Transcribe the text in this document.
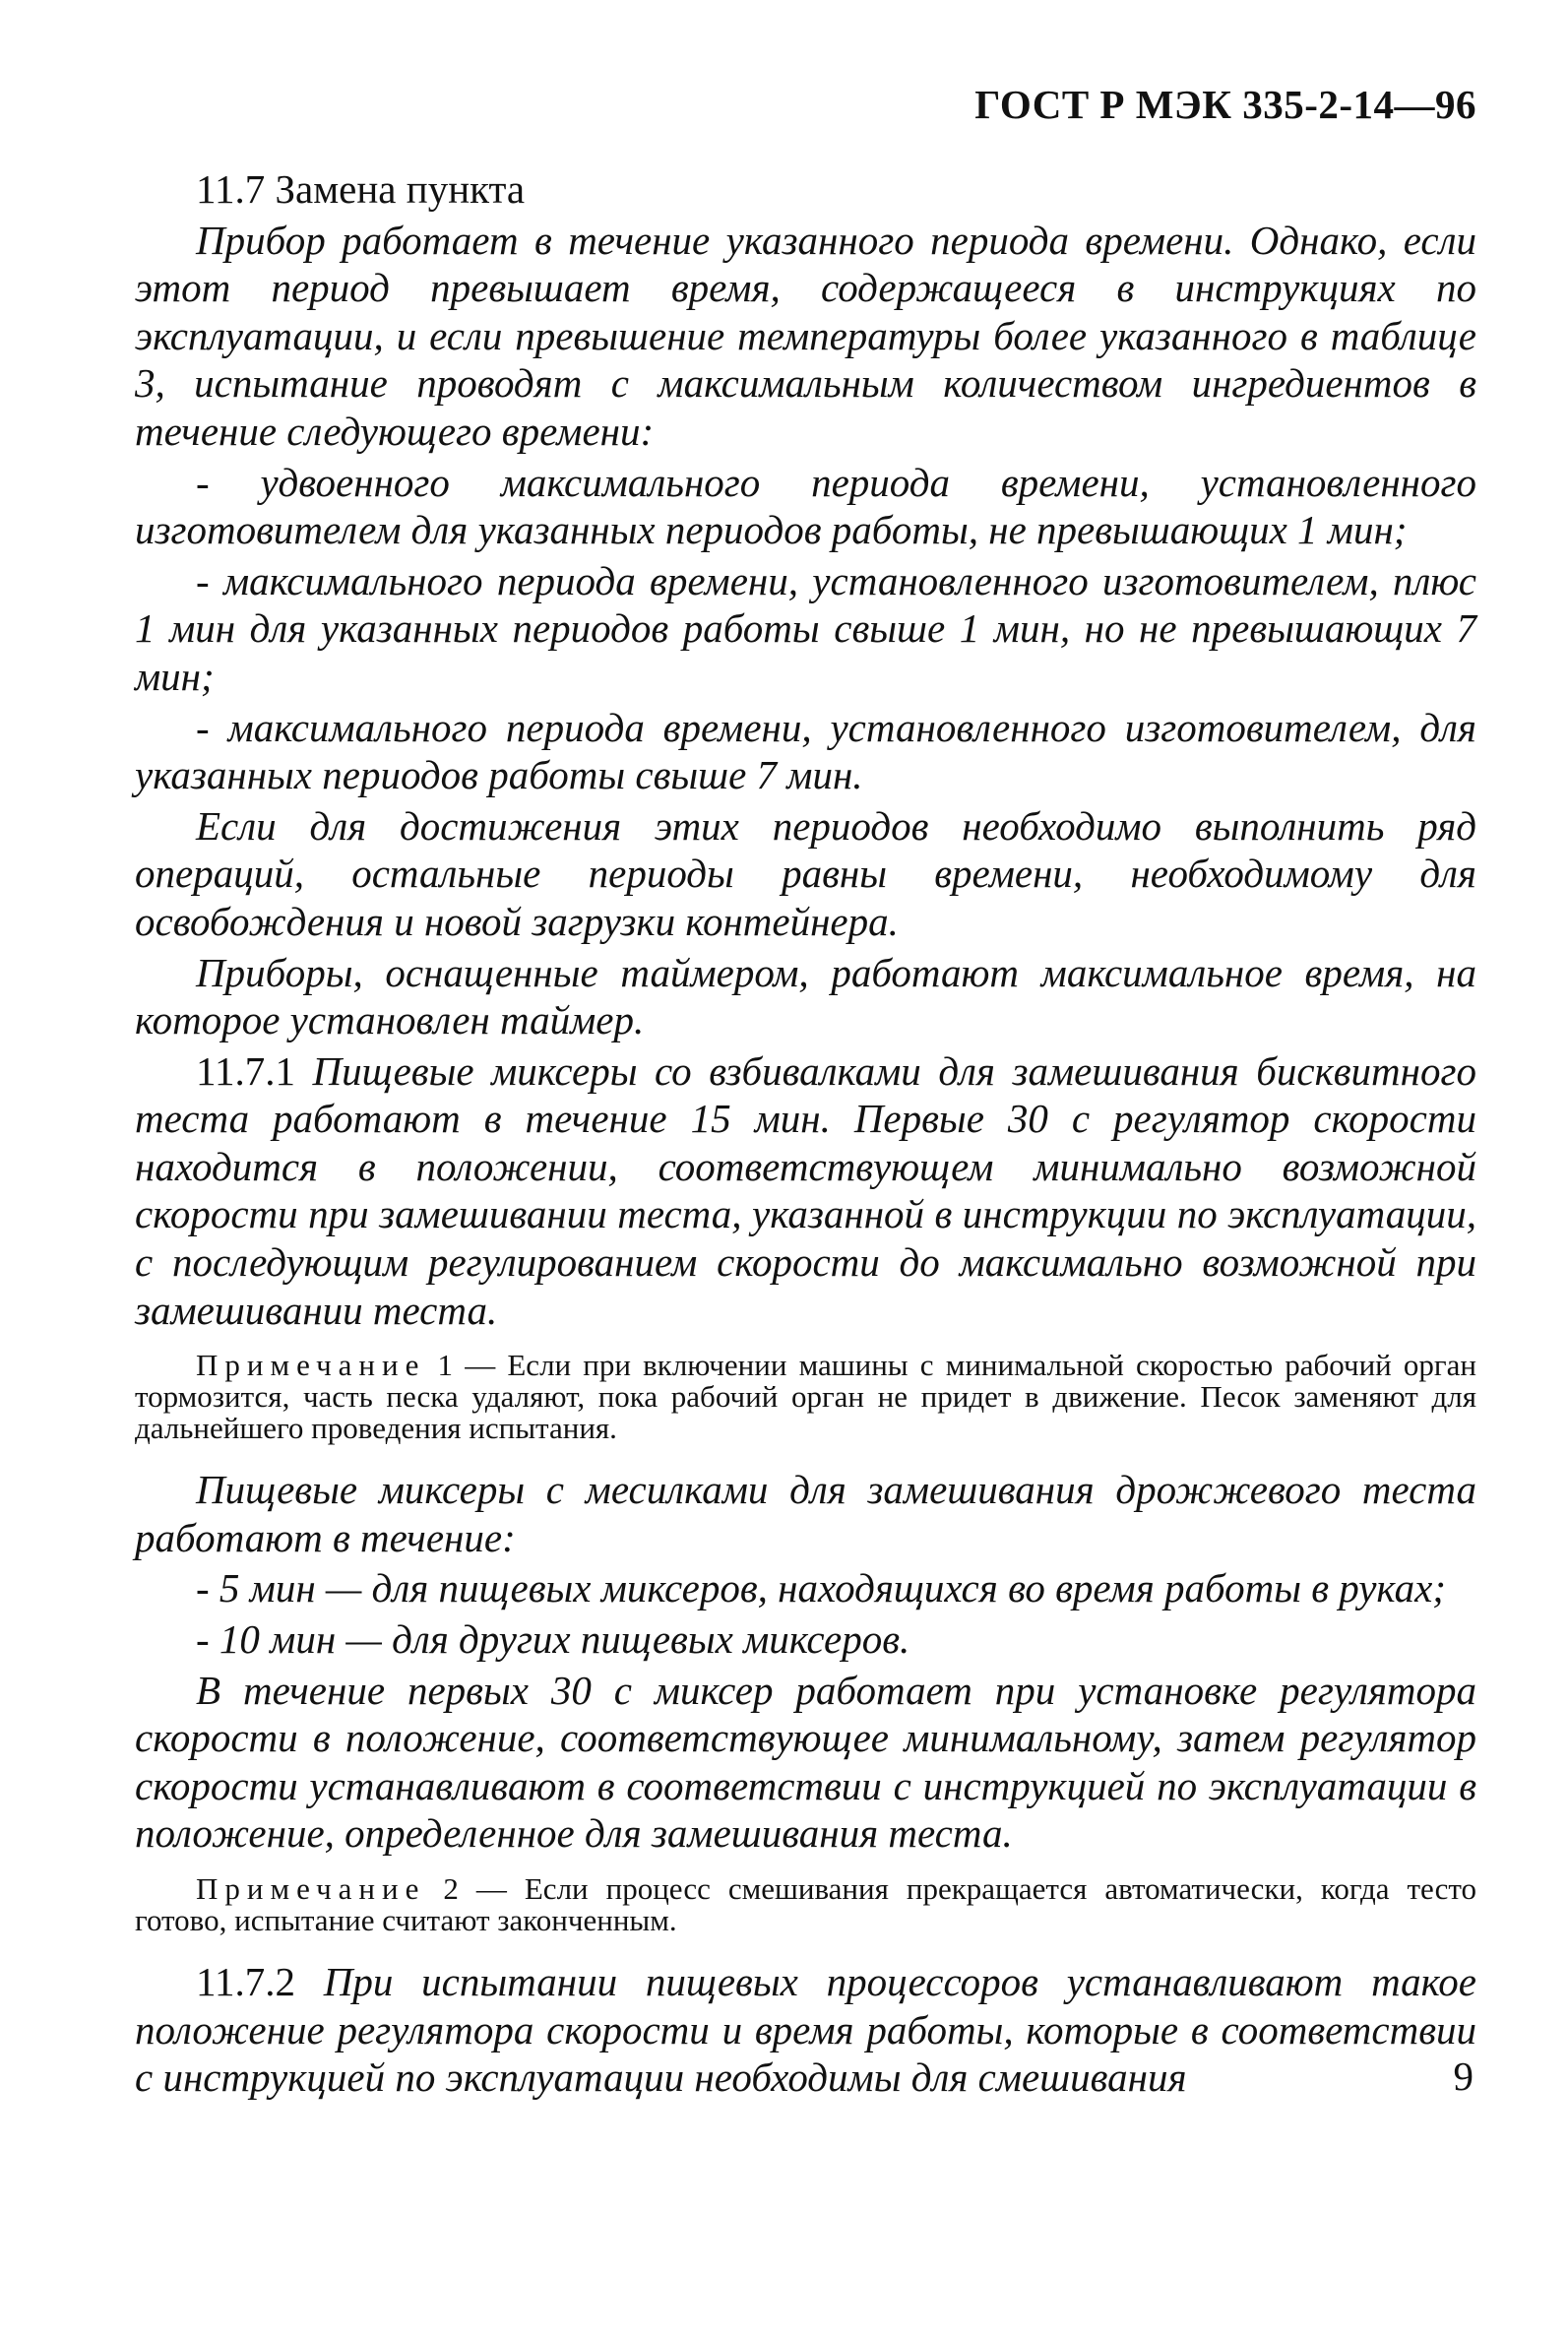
ГОСТ Р МЭК 335-2-14—96

11.7 Замена пункта

Прибор работает в течение указанного периода времени. Однако, если этот период превышает время, содержащееся в инструкциях по эксплуатации, и если превышение температуры более указанного в таблице 3, испытание проводят с максимальным количеством ингредиентов в течение следующего времени:

- удвоенного максимального периода времени, установленного изготовителем для указанных периодов работы, не превышающих 1 мин;

- максимального периода времени, установленного изготовителем, плюс 1 мин для указанных периодов работы свыше 1 мин, но не превышающих 7 мин;

- максимального периода времени, установленного изготовителем, для указанных периодов работы свыше 7 мин.

Если для достижения этих периодов необходимо выполнить ряд операций, остальные периоды равны времени, необходимому для освобождения и новой загрузки контейнера.

Приборы, оснащенные таймером, работают максимальное время, на которое установлен таймер.

11.7.1 Пищевые миксеры со взбивалками для замешивания бисквитного теста работают в течение 15 мин. Первые 30 с регулятор скорости находится в положении, соответствующем минимально возможной скорости при замешивании теста, указанной в инструкции по эксплуатации, с последующим регулированием скорости до максимально возможной при замешивании теста.

Примечание 1 — Если при включении машины с минимальной скоростью рабочий орган тормозится, часть песка удаляют, пока рабочий орган не придет в движение. Песок заменяют для дальнейшего проведения испытания.

Пищевые миксеры с месилками для замешивания дрожжевого теста работают в течение:

- 5 мин — для пищевых миксеров, находящихся во время работы в руках;

- 10 мин — для других пищевых миксеров.

В течение первых 30 с миксер работает при установке регулятора скорости в положение, соответствующее минимальному, затем регулятор скорости устанавливают в соответствии с инструкцией по эксплуатации в положение, определенное для замешивания теста.

Примечание 2 — Если процесс смешивания прекращается автоматически, когда тесто готово, испытание считают законченным.

11.7.2 При испытании пищевых процессоров устанавливают такое положение регулятора скорости и время работы, которые в соответствии с инструкцией по эксплуатации необходимы для смешивания	9
